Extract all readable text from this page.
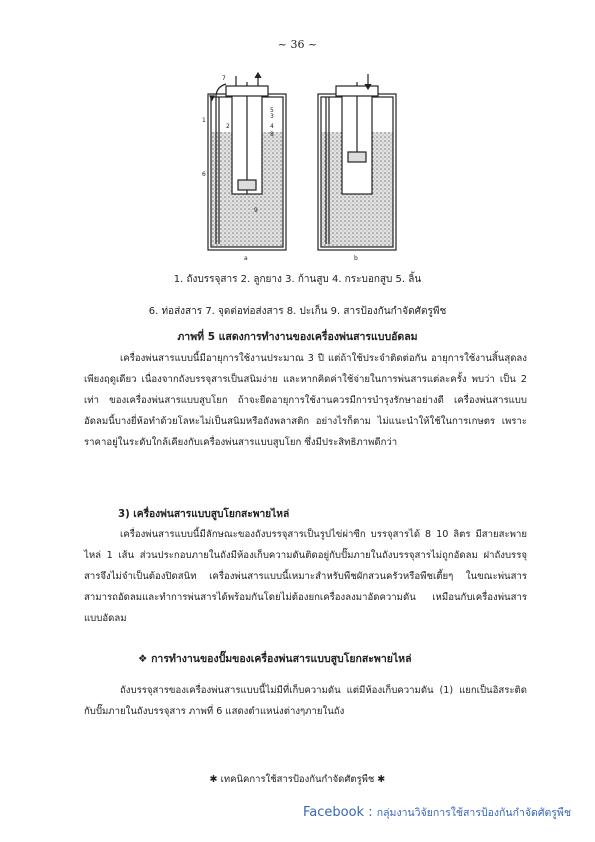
~ 36 ~
1
2
6
7
9
3
4
5
8
a	b
1. ถังบรรจุสาร 2. ลูกยาง 3. ก้านสูบ 4. กระบอกสูบ 5. ลิ้น
6. ท่อส่งสาร 7. จุดต่อท่อส่งสาร 8. ปะเก็น 9. สารป้องกันกำจัดศัตรูพืช
ภาพที่ 5 แสดงการทำงานของเครื่องพ่นสารแบบอัดลม

เครื่องพ่นสารแบบนี้มีอายุการใช้งานประมาณ 3 ปี แต่ถ้าใช้ประจำติดต่อกัน อายุการใช้งานสิ้นสุดลงเพียงฤดูเดียว เนื่องจากถังบรรจุสารเป็นสนิมง่าย และหากคิดค่าใช้จ่ายในการพ่นสารแต่ละครั้ง พบว่า เป็น 2 เท่า ของเครื่องพ่นสารแบบสูบโยก ถ้าจะยืดอายุการใช้งานควรมีการบำรุงรักษาอย่างดี เครื่องพ่นสารแบบอัดลมนี้บางยี่ห้อทำด้วยโลหะไม่เป็นสนิมหรือถังพลาสติก อย่างไรก็ตาม ไม่แนะนำให้ใช้ในการเกษตร เพราะราคาอยู่ในระดับใกล้เคียงกับเครื่องพ่นสารแบบสูบโยก ซึ่งมีประสิทธิภาพดีกว่า

3) เครื่องพ่นสารแบบสูบโยกสะพายไหล่

เครื่องพ่นสารแบบนี้มีลักษณะของถังบรรจุสารเป็นรูปไข่ผ่าซีก บรรจุสารได้ 8 10 ลิตร มีสายสะพายไหล่ 1 เส้น ส่วนประกอบภายในถังมีห้องเก็บความดันติดอยู่กับปั๊มภายในถังบรรจุสารไม่ถูกอัดลม ฝาถังบรรจุสารจึงไม่จำเป็นต้องปิดสนิท เครื่องพ่นสารแบบนี้เหมาะสำหรับพืชผักสวนครัวหรือพืชเตี้ยๆ ในขณะพ่นสารสามารถอัดลมและทำการพ่นสารได้พร้อมกันโดยไม่ต้องยกเครื่องลงมาอัดความดัน เหมือนกับเครื่องพ่นสารแบบอัดลม

❖ การทำงานของปั๊มของเครื่องพ่นสารแบบสูบโยกสะพายไหล่

ถังบรรจุสารของเครื่องพ่นสารแบบนี้ไม่มีที่เก็บความดัน แต่มีห้องเก็บความดัน (1) แยกเป็นอิสระติดกับปั๊มภายในถังบรรจุสาร ภาพที่ 6 แสดงตำแหน่งต่างๆภายในถัง

✱ เทคนิคการใช้สารป้องกันกำจัดศัตรูพืช ✱
Facebook : กลุ่มงานวิจัยการใช้สารป้องกันกำจัดศัตรูพืช
